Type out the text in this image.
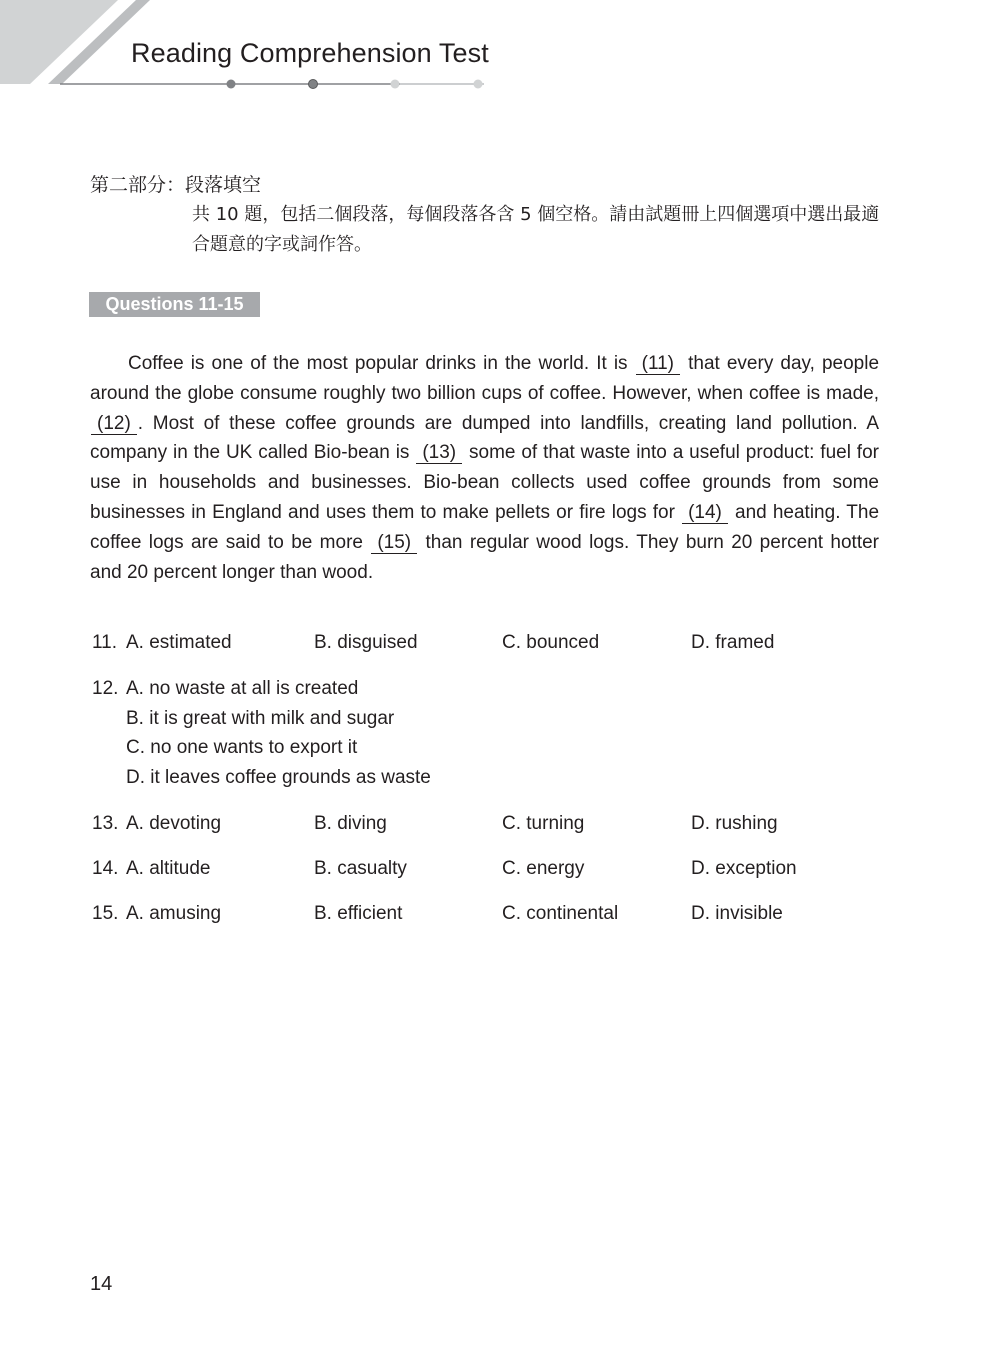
Reading Comprehension Test
第二部分：段落填空
共 10 題，包括二個段落，每個段落各含 5 個空格。請由試題冊上四個選項中選出最適合題意的字或詞作答。
Questions 11-15

Coffee is one of the most popular drinks in the world. It is (11) that every day, people around the globe consume roughly two billion cups of coffee. However, when coffee is made, (12) . Most of these coffee grounds are dumped into landfills, creating land pollution. A company in the UK called Bio-bean is (13) some of that waste into a useful product: fuel for use in households and businesses. Bio-bean collects used coffee grounds from some businesses in England and uses them to make pellets or fire logs for (14) and heating. The coffee logs are said to be more (15) than regular wood logs. They burn 20 percent hotter and 20 percent longer than wood.

11. A. estimated	B. disguised	C. bounced	D. framed
12. A. no waste at all is created
B. it is great with milk and sugar
C. no one wants to export it
D. it leaves coffee grounds as waste
13. A. devoting	B. diving	C. turning	D. rushing
14. A. altitude	B. casualty	C. energy	D. exception
15. A. amusing	B. efficient	C. continental	D. invisible
14
